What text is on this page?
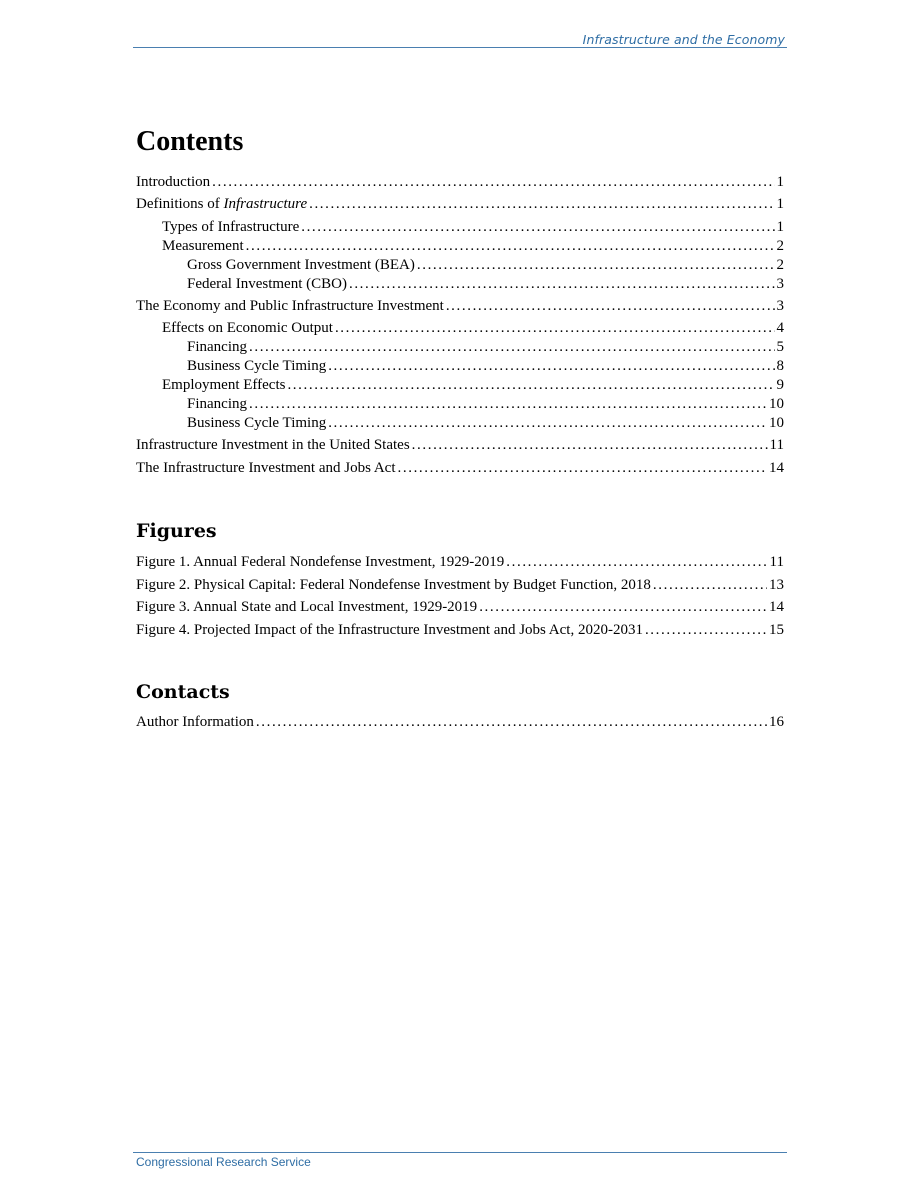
Infrastructure and the Economy
Contents
Introduction .....	1
Definitions of Infrastructure .....	1
Types of Infrastructure .....	1
Measurement .....	2
Gross Government Investment (BEA) .....	2
Federal Investment (CBO) .....	3
The Economy and Public Infrastructure Investment .....	3
Effects on Economic Output .....	4
Financing .....	5
Business Cycle Timing .....	8
Employment Effects .....	9
Financing .....	10
Business Cycle Timing .....	10
Infrastructure Investment in the United States .....	11
The Infrastructure Investment and Jobs Act .....	14
Figures
Figure 1. Annual Federal Nondefense Investment, 1929-2019 .....	11
Figure 2. Physical Capital: Federal Nondefense Investment by Budget Function, 2018 .....	13
Figure 3. Annual State and Local Investment, 1929-2019 .....	14
Figure 4. Projected Impact of the Infrastructure Investment and Jobs Act, 2020-2031 .....	15
Contacts
Author Information .....	16
Congressional Research Service
